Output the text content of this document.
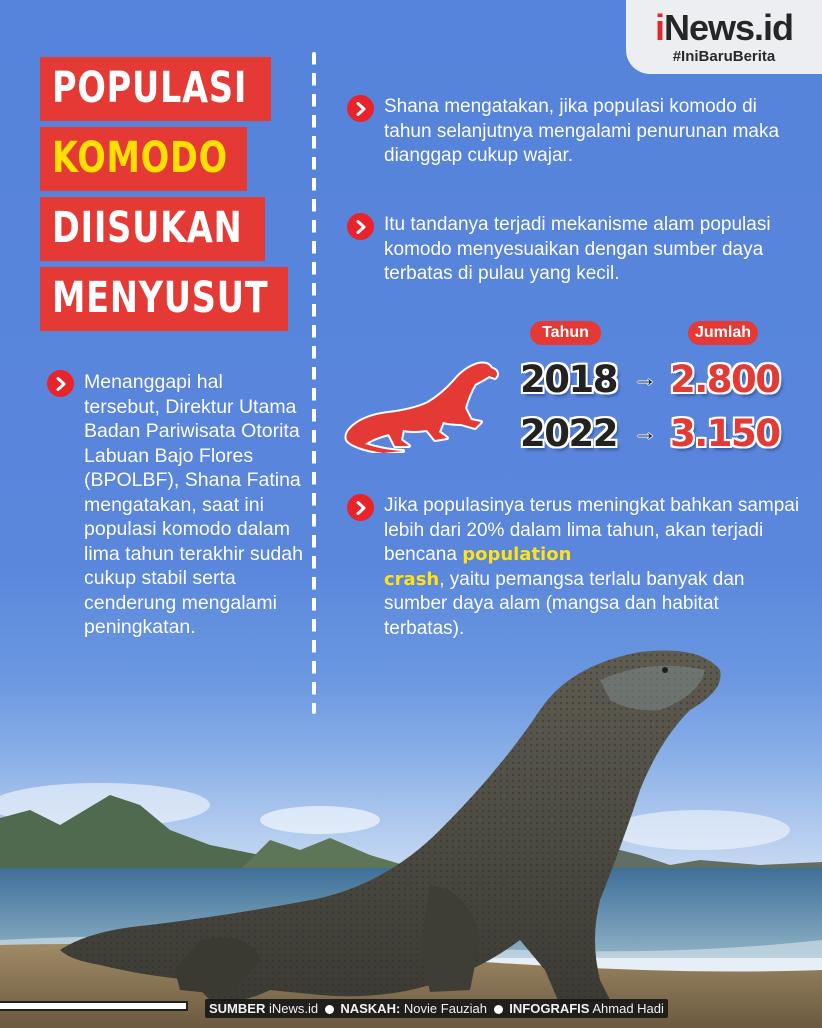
iNews.id
#IniBaruBerita
POPULASI
KOMODO
DIISUKAN
MENYUSUT
Menanggapi hal tersebut, Direktur Utama Badan Pariwisata Otorita Labuan Bajo Flores (BPOLBF), Shana Fatina mengatakan, saat ini populasi komodo dalam lima tahun terakhir sudah cukup stabil serta cenderung mengalami peningkatan.
Shana mengatakan, jika populasi komodo di tahun selanjutnya mengalami penurunan maka dianggap cukup wajar.
Itu tandanya terjadi mekanisme alam populasi komodo menyesuaikan dengan sumber daya terbatas di pulau yang kecil.
Tahun	Jumlah
2018 → 2.800
2022 → 3.150
Jika populasinya terus meningkat bahkan sampai lebih dari 20% dalam lima tahun, akan terjadi bencana population
crash, yaitu pemangsa terlalu banyak dan sumber daya alam (mangsa dan habitat terbatas).
SUMBER iNews.id NASKAH: Novie Fauziah INFOGRAFIS Ahmad Hadi
